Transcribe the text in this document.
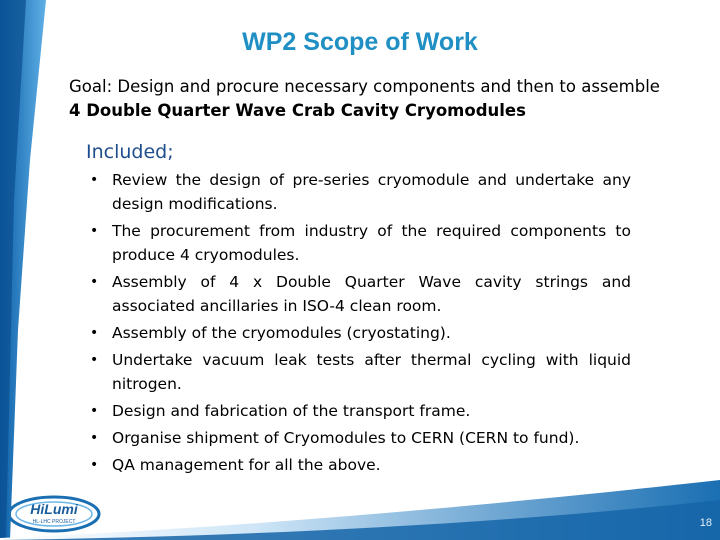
WP2 Scope of Work
Goal: Design and procure necessary components and then to assemble 4 Double Quarter Wave Crab Cavity Cryomodules
Included;
• Review the design of pre-series cryomodule and undertake any design modifications.
• The procurement from industry of the required components to produce 4 cryomodules.
• Assembly of 4 x Double Quarter Wave cavity strings and associated ancillaries in ISO-4 clean room.
• Assembly of the cryomodules (cryostating).
• Undertake vacuum leak tests after thermal cycling with liquid nitrogen.
• Design and fabrication of the transport frame.
• Organise shipment of Cryomodules to CERN (CERN to fund).
• QA management for all the above.
HiLumi
HL-LHC PROJECT	18
